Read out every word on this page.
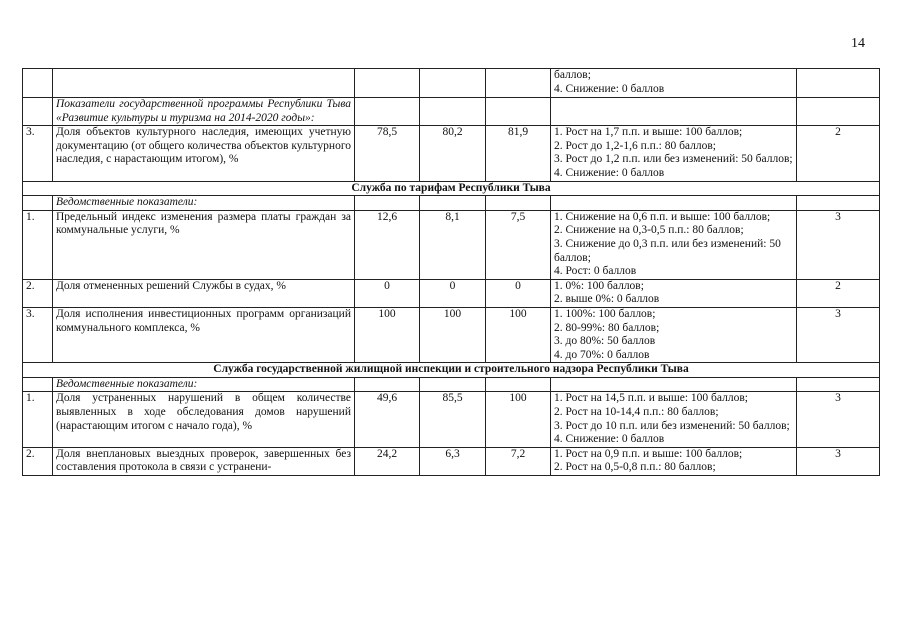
14
					баллов;
4. Снижение: 0 баллов	
	Показатели государственной программы Республики Тыва «Развитие культуры и туризма на 2014-2020 годы»:					
3.	Доля объектов культурного наследия, имеющих учетную документацию (от общего количества объектов культурного наследия, с нарастающим итогом), %	78,5	80,2	81,9	1. Рост на 1,7 п.п. и выше: 100 баллов;
2. Рост до 1,2-1,6 п.п.: 80 баллов;
3. Рост до 1,2 п.п. или без изменений: 50 баллов;
4. Снижение: 0 баллов	2
Служба по тарифам Республики Тыва						
	Ведомственные показатели:					
1.	Предельный индекс изменения размера платы граждан за коммунальные услуги, %	12,6	8,1	7,5	1. Снижение на 0,6 п.п. и выше: 100 баллов;
2. Снижение на 0,3-0,5 п.п.: 80 баллов;
3. Снижение до 0,3 п.п. или без изменений: 50 баллов;
4. Рост: 0 баллов	3
2.	Доля отмененных решений Службы в судах, %	0	0	0	1. 0%: 100 баллов;
2. выше 0%: 0 баллов	2
3.	Доля исполнения инвестиционных программ организаций коммунального комплекса, %	100	100	100	1. 100%: 100 баллов;
2. 80-99%: 80 баллов;
3. до 80%: 50 баллов
4. до 70%: 0 баллов	3
Служба государственной жилищной инспекции и строительного надзора Республики Тыва						
	Ведомственные показатели:					
1.	Доля устраненных нарушений в общем количестве выявленных в ходе обследования домов нарушений (нарастающим итогом с начало года), %	49,6	85,5	100	1. Рост на 14,5 п.п. и выше: 100 баллов;
2. Рост на 10-14,4 п.п.: 80 баллов;
3. Рост до 10 п.п. или без изменений: 50 баллов;
4. Снижение: 0 баллов	3
2.	Доля внеплановых выездных проверок, завершенных без составления протокола в связи с устранени-	24,2	6,3	7,2	1. Рост на 0,9 п.п. и выше: 100 баллов;
2. Рост на 0,5-0,8 п.п.: 80 баллов;	3
